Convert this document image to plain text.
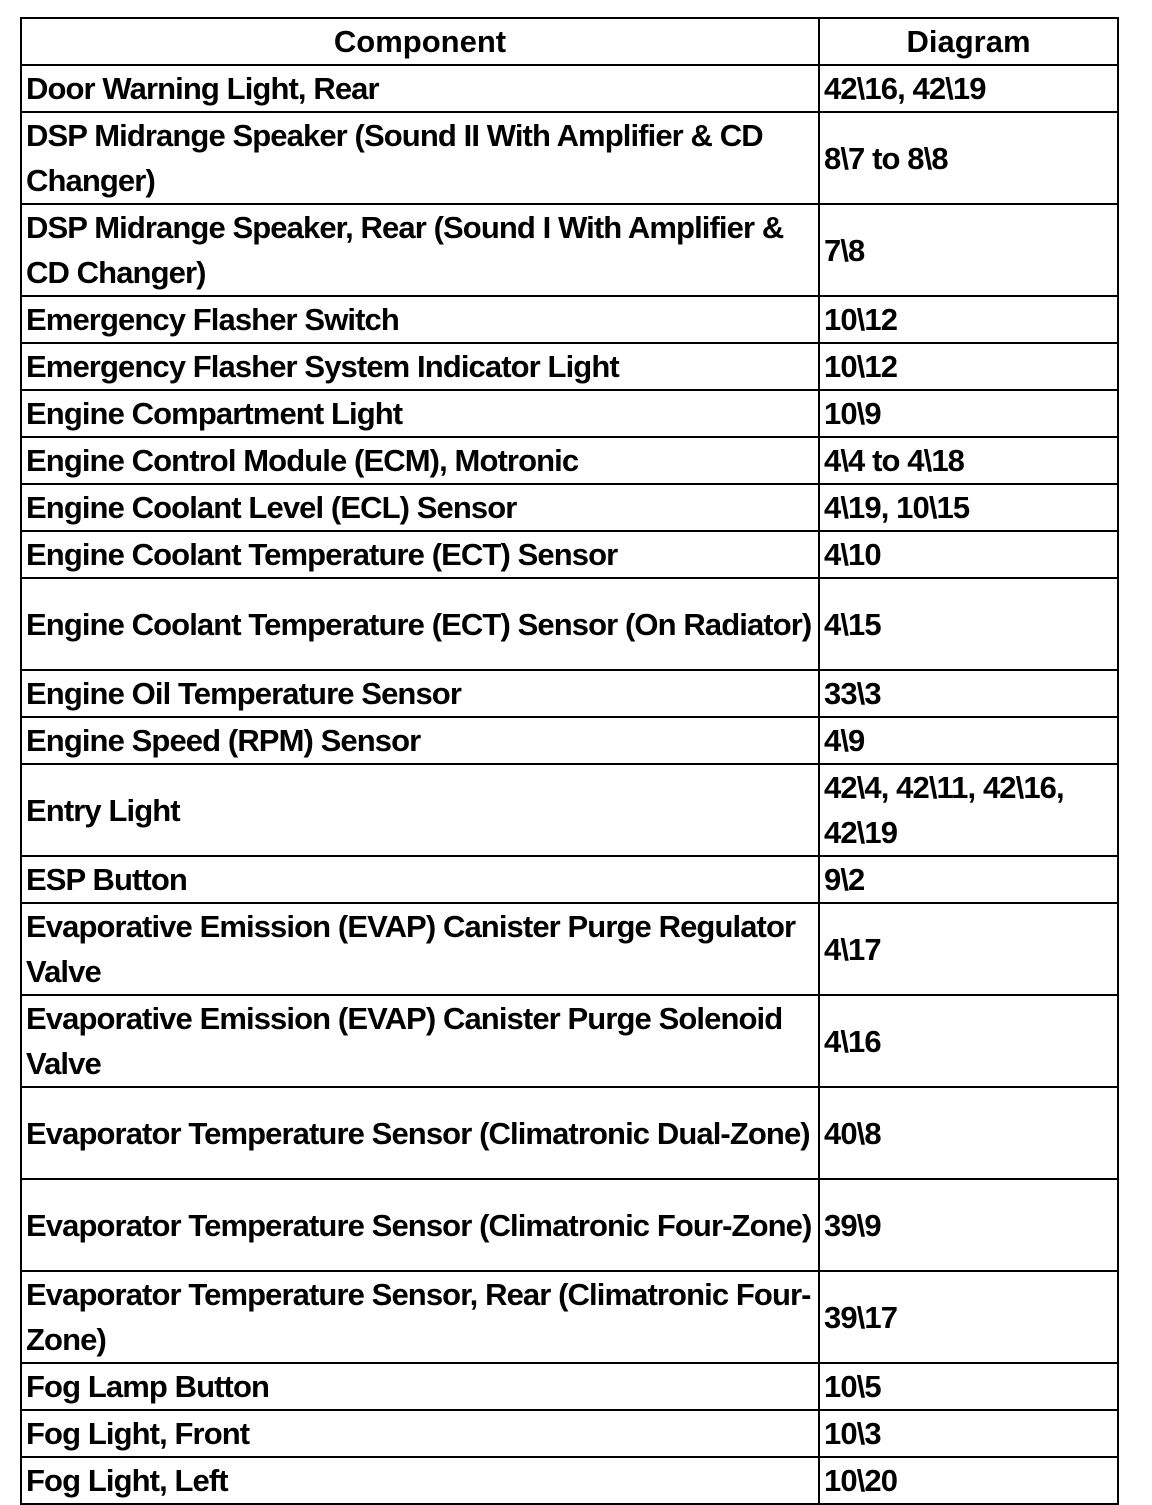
Component	Diagram
Door Warning Light, Rear	42\16, 42\19
DSP Midrange Speaker (Sound II With Amplifier & CD Changer)	8\7 to 8\8
DSP Midrange Speaker, Rear (Sound I With Amplifier & CD Changer)	7\8
Emergency Flasher Switch	10\12
Emergency Flasher System Indicator Light	10\12
Engine Compartment Light	10\9
Engine Control Module (ECM), Motronic	4\4 to 4\18
Engine Coolant Level (ECL) Sensor	4\19, 10\15
Engine Coolant Temperature (ECT) Sensor	4\10
Engine Coolant Temperature (ECT) Sensor (On Radiator)	4\15
Engine Oil Temperature Sensor	33\3
Engine Speed (RPM) Sensor	4\9
Entry Light	42\4, 42\11, 42\16, 42\19
ESP Button	9\2
Evaporative Emission (EVAP) Canister Purge Regulator Valve	4\17
Evaporative Emission (EVAP) Canister Purge Solenoid Valve	4\16
Evaporator Temperature Sensor (Climatronic Dual-Zone)	40\8
Evaporator Temperature Sensor (Climatronic Four-Zone)	39\9
Evaporator Temperature Sensor, Rear (Climatronic Four-Zone)	39\17
Fog Lamp Button	10\5
Fog Light, Front	10\3
Fog Light, Left	10\20
